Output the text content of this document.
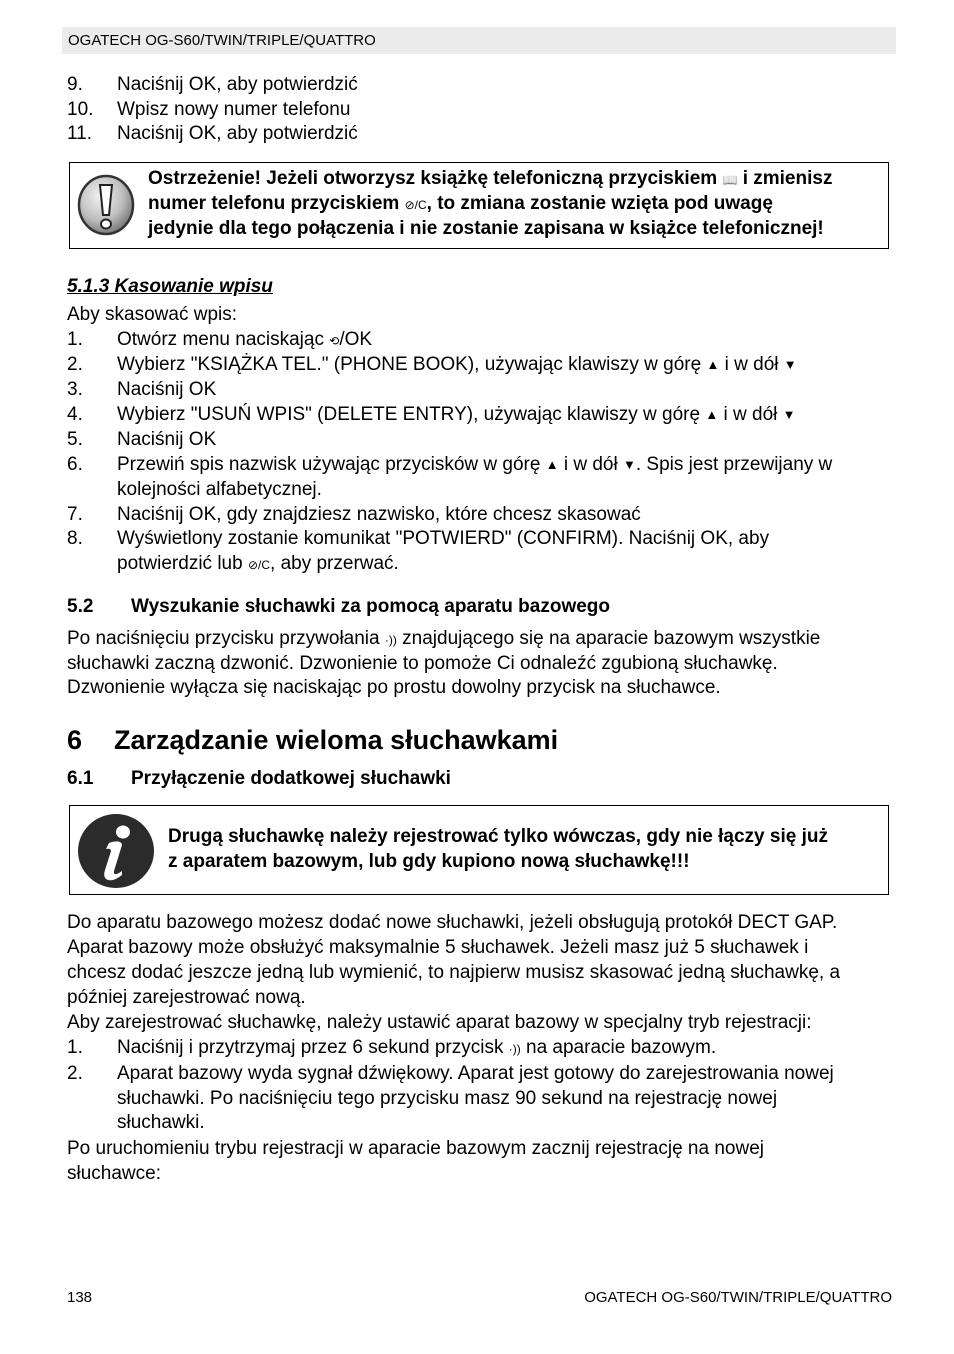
OGATECH OG-S60/TWIN/TRIPLE/QUATTRO
9. Naciśnij OK, aby potwierdzić
10. Wpisz nowy numer telefonu
11. Naciśnij OK, aby potwierdzić
Ostrzeżenie! Jeżeli otworzysz książkę telefoniczną przyciskiem 📖 i zmienisz
numer telefonu przyciskiem ⊘/C, to zmiana zostanie wzięta pod uwagę
jedynie dla tego połączenia i nie zostanie zapisana w książce telefonicznej!
5.1.3 Kasowanie wpisu
Aby skasować wpis:
1. Otwórz menu naciskając ⟲/OK
2. Wybierz "KSIĄŻKA TEL." (PHONE BOOK), używając klawiszy w górę ▲ i w dół ▼
3. Naciśnij OK
4. Wybierz "USUŃ WPIS" (DELETE ENTRY), używając klawiszy w górę ▲ i w dół ▼
5. Naciśnij OK
6. Przewiń spis nazwisk używając przycisków w górę ▲ i w dół ▼. Spis jest przewijany w
kolejności alfabetycznej.
7. Naciśnij OK, gdy znajdziesz nazwisko, które chcesz skasować
8. Wyświetlony zostanie komunikat "POTWIERD" (CONFIRM). Naciśnij OK, aby
potwierdzić lub ⊘/C, aby przerwać.
5.2 Wyszukanie słuchawki za pomocą aparatu bazowego
Po naciśnięciu przycisku przywołania ·)) znajdującego się na aparacie bazowym wszystkie
słuchawki zaczną dzwonić. Dzwonienie to pomoże Ci odnaleźć zgubioną słuchawkę.
Dzwonienie wyłącza się naciskając po prostu dowolny przycisk na słuchawce.
6 Zarządzanie wieloma słuchawkami
6.1 Przyłączenie dodatkowej słuchawki
Drugą słuchawkę należy rejestrować tylko wówczas, gdy nie łączy się już
z aparatem bazowym, lub gdy kupiono nową słuchawkę!!!
Do aparatu bazowego możesz dodać nowe słuchawki, jeżeli obsługują protokół DECT GAP.
Aparat bazowy może obsłużyć maksymalnie 5 słuchawek. Jeżeli masz już 5 słuchawek i
chcesz dodać jeszcze jedną lub wymienić, to najpierw musisz skasować jedną słuchawkę, a
później zarejestrować nową.
Aby zarejestrować słuchawkę, należy ustawić aparat bazowy w specjalny tryb rejestracji:
1. Naciśnij i przytrzymaj przez 6 sekund przycisk ·)) na aparacie bazowym.
2. Aparat bazowy wyda sygnał dźwiękowy. Aparat jest gotowy do zarejestrowania nowej
słuchawki. Po naciśnięciu tego przycisku masz 90 sekund na rejestrację nowej
słuchawki.
Po uruchomieniu trybu rejestracji w aparacie bazowym zacznij rejestrację na nowej
słuchawce:
138	OGATECH OG-S60/TWIN/TRIPLE/QUATTRO
